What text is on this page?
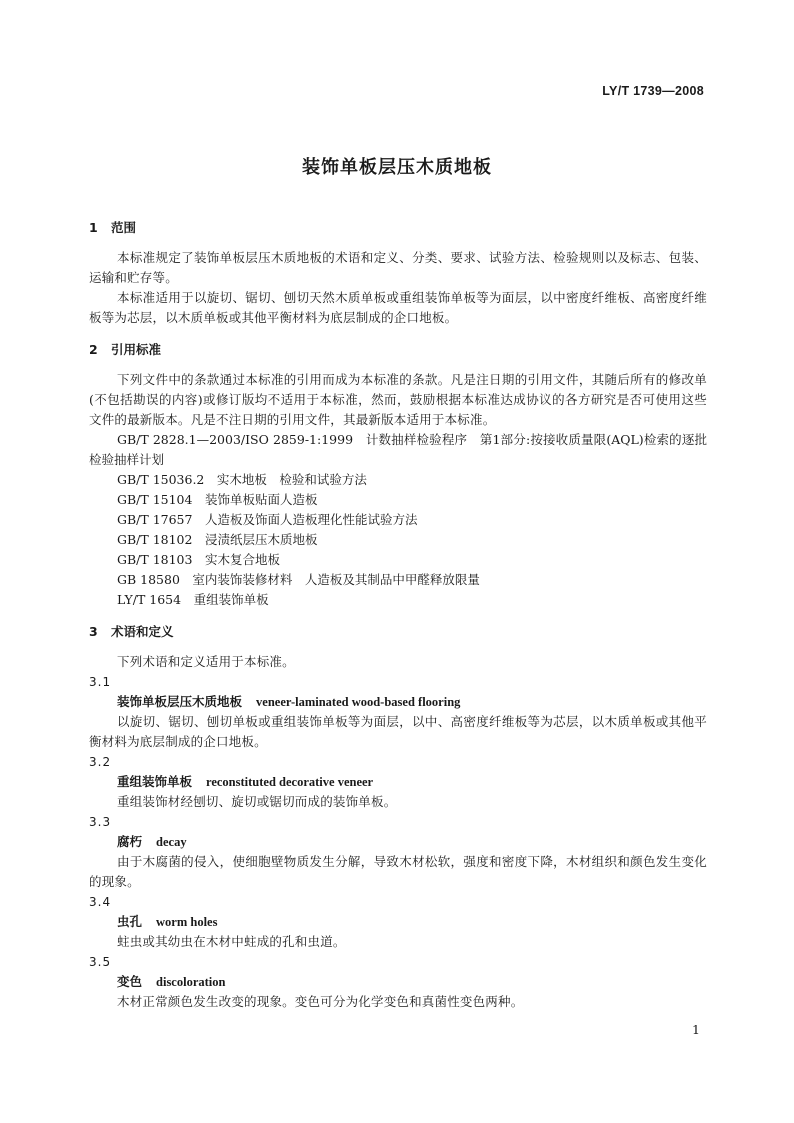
LY/T 1739—2008
装饰单板层压木质地板
1 范围

本标准规定了装饰单板层压木质地板的术语和定义、分类、要求、试验方法、检验规则以及标志、包装、运输和贮存等。

本标准适用于以旋切、锯切、刨切天然木质单板或重组装饰单板等为面层，以中密度纤维板、高密度纤维板等为芯层，以木质单板或其他平衡材料为底层制成的企口地板。

2 引用标准

下列文件中的条款通过本标准的引用而成为本标准的条款。凡是注日期的引用文件，其随后所有的修改单(不包括勘误的内容)或修订版均不适用于本标准，然而，鼓励根据本标准达成协议的各方研究是否可使用这些文件的最新版本。凡是不注日期的引用文件，其最新版本适用于本标准。

GB/T 2828.1—2003/ISO 2859-1:1999　计数抽样检验程序　第1部分:按接收质量限(AQL)检索的逐批检验抽样计划
GB/T 15036.2　实木地板　检验和试验方法
GB/T 15104　装饰单板贴面人造板
GB/T 17657　人造板及饰面人造板理化性能试验方法
GB/T 18102　浸渍纸层压木质地板
GB/T 18103　实木复合地板
GB 18580　室内装饰装修材料　人造板及其制品中甲醛释放限量
LY/T 1654　重组装饰单板
3 术语和定义

下列术语和定义适用于本标准。

3.1
装饰单板层压木质地板 veneer-laminated wood-based flooring

以旋切、锯切、刨切单板或重组装饰单板等为面层，以中、高密度纤维板等为芯层，以木质单板或其他平衡材料为底层制成的企口地板。

3.2
重组装饰单板 reconstituted decorative veneer

重组装饰材经刨切、旋切或锯切而成的装饰单板。

3.3
腐朽 decay

由于木腐菌的侵入，使细胞壁物质发生分解，导致木材松软，强度和密度下降，木材组织和颜色发生变化的现象。

3.4
虫孔 worm holes

蛀虫或其幼虫在木材中蛀成的孔和虫道。

3.5
变色 discoloration

木材正常颜色发生改变的现象。变色可分为化学变色和真菌性变色两种。

1
